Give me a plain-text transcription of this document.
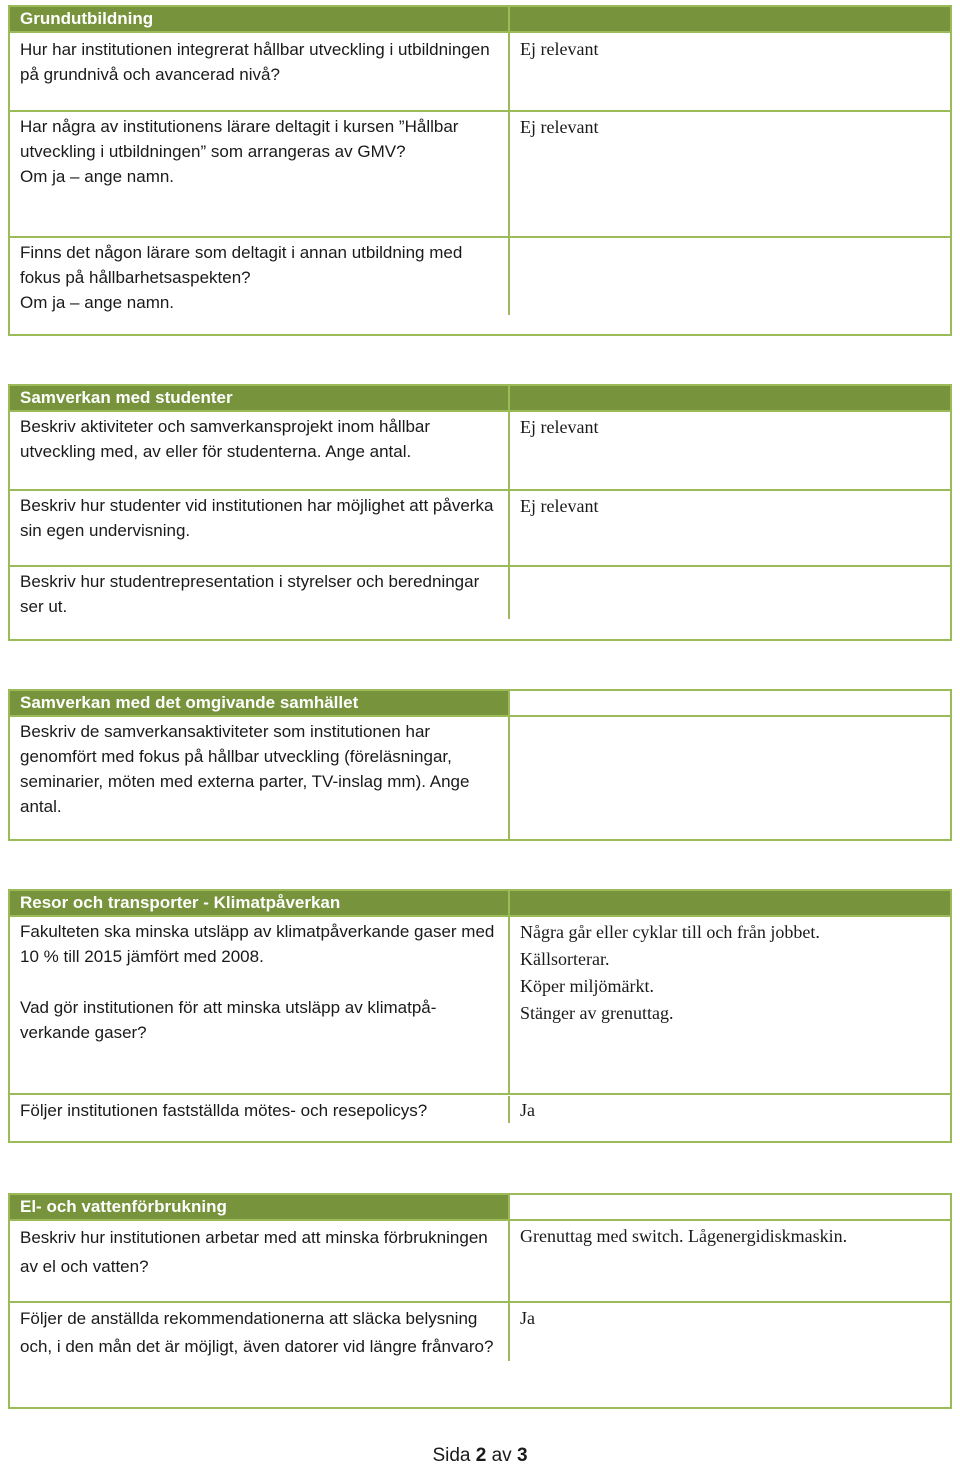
Grundutbildning
Hur har institutionen integrerat hållbar utveckling i utbildningen på grundnivå och avancerad nivå?
Ej relevant
Har några av institutionens lärare deltagit i kursen ”Hållbar utveckling i utbildningen” som arrangeras av GMV?
Om ja – ange namn.
Ej relevant
Finns det någon lärare som deltagit i annan utbildning med fokus på hållbarhetsaspekten?
Om ja – ange namn.
Samverkan med studenter
Beskriv aktiviteter och samverkansprojekt inom hållbar utveckling med, av eller för studenterna. Ange antal.
Ej relevant
Beskriv hur studenter vid institutionen har möjlighet att påverka sin egen undervisning.
Ej relevant
Beskriv hur studentrepresentation i styrelser och beredningar ser ut.
Samverkan med det omgivande samhället
Beskriv de samverkansaktiviteter som institutionen har genomfört med fokus på hållbar utveckling (föreläsningar, seminarier, möten med externa parter, TV-inslag mm). Ange antal.
Resor och transporter - Klimatpåverkan
Fakulteten ska minska utsläpp av klimatpåverkande gaser med 10 % till 2015 jämfört med 2008.
Vad gör institutionen för att minska utsläpp av klimatpå-verkande gaser?
Några går eller cyklar till och från jobbet.
Källsorterar.
Köper miljömärkt.
Stänger av grenuttag.
Följer institutionen fastställda mötes- och resepolicys?	Ja
El- och vattenförbrukning
Beskriv hur institutionen arbetar med att minska förbrukningen av el och vatten?
Grenuttag med switch. Lågenergidiskmaskin.
Följer de anställda rekommendationerna att släcka belysning och, i den mån det är möjligt, även datorer vid längre frånvaro?
Ja
Sida 2 av 3
